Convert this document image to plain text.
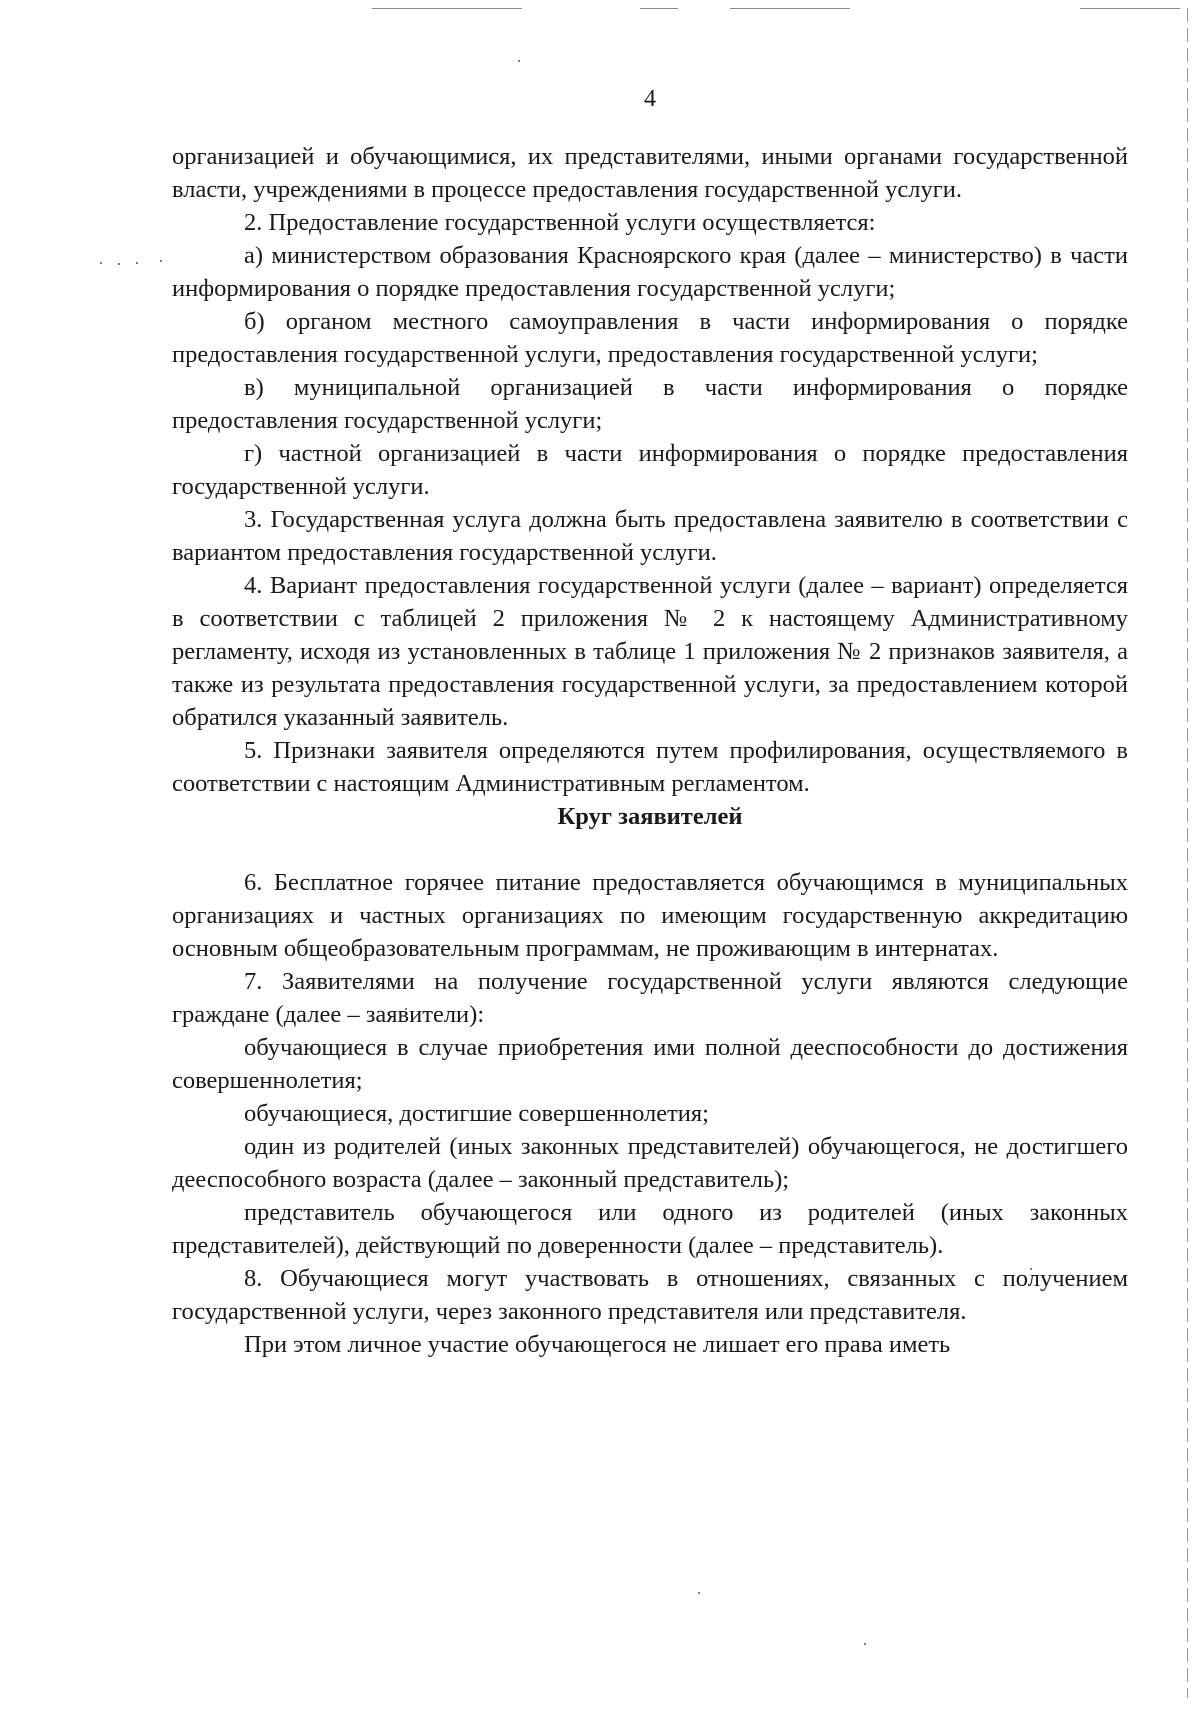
4

организацией и обучающимися, их представителями, иными органами государственной власти, учреждениями в процессе предоставления государственной услуги.

2. Предоставление государственной услуги осуществляется:

а) министерством образования Красноярского края (далее – министерство) в части информирования о порядке предоставления государственной услуги;

б) органом местного самоуправления в части информирования о порядке предоставления государственной услуги, предоставления государственной услуги;

в) муниципальной организацией в части информирования о порядке предоставления государственной услуги;

г) частной организацией в части информирования о порядке предоставления государственной услуги.

3. Государственная услуга должна быть предоставлена заявителю в соответствии с вариантом предоставления государственной услуги.

4. Вариант предоставления государственной услуги (далее – вариант) определяется в соответствии с таблицей 2 приложения № 2 к настоящему Административному регламенту, исходя из установленных в таблице 1 приложения № 2 признаков заявителя, а также из результата предоставления государственной услуги, за предоставлением которой обратился указанный заявитель.

5. Признаки заявителя определяются путем профилирования, осуществляемого в соответствии с настоящим Административным регламентом.

Круг заявителей

6. Бесплатное горячее питание предоставляется обучающимся в муниципальных организациях и частных организациях по имеющим государственную аккредитацию основным общеобразовательным программам, не проживающим в интернатах.

7. Заявителями на получение государственной услуги являются следующие граждане (далее – заявители):

обучающиеся в случае приобретения ими полной дееспособности до достижения совершеннолетия;

обучающиеся, достигшие совершеннолетия;

один из родителей (иных законных представителей) обучающегося, не достигшего дееспособного возраста (далее – законный представитель);

представитель обучающегося или одного из родителей (иных законных представителей), действующий по доверенности (далее – представитель).

8. Обучающиеся могут участвовать в отношениях, связанных с получением государственной услуги, через законного представителя или представителя.

При этом личное участие обучающегося не лишает его права иметь
